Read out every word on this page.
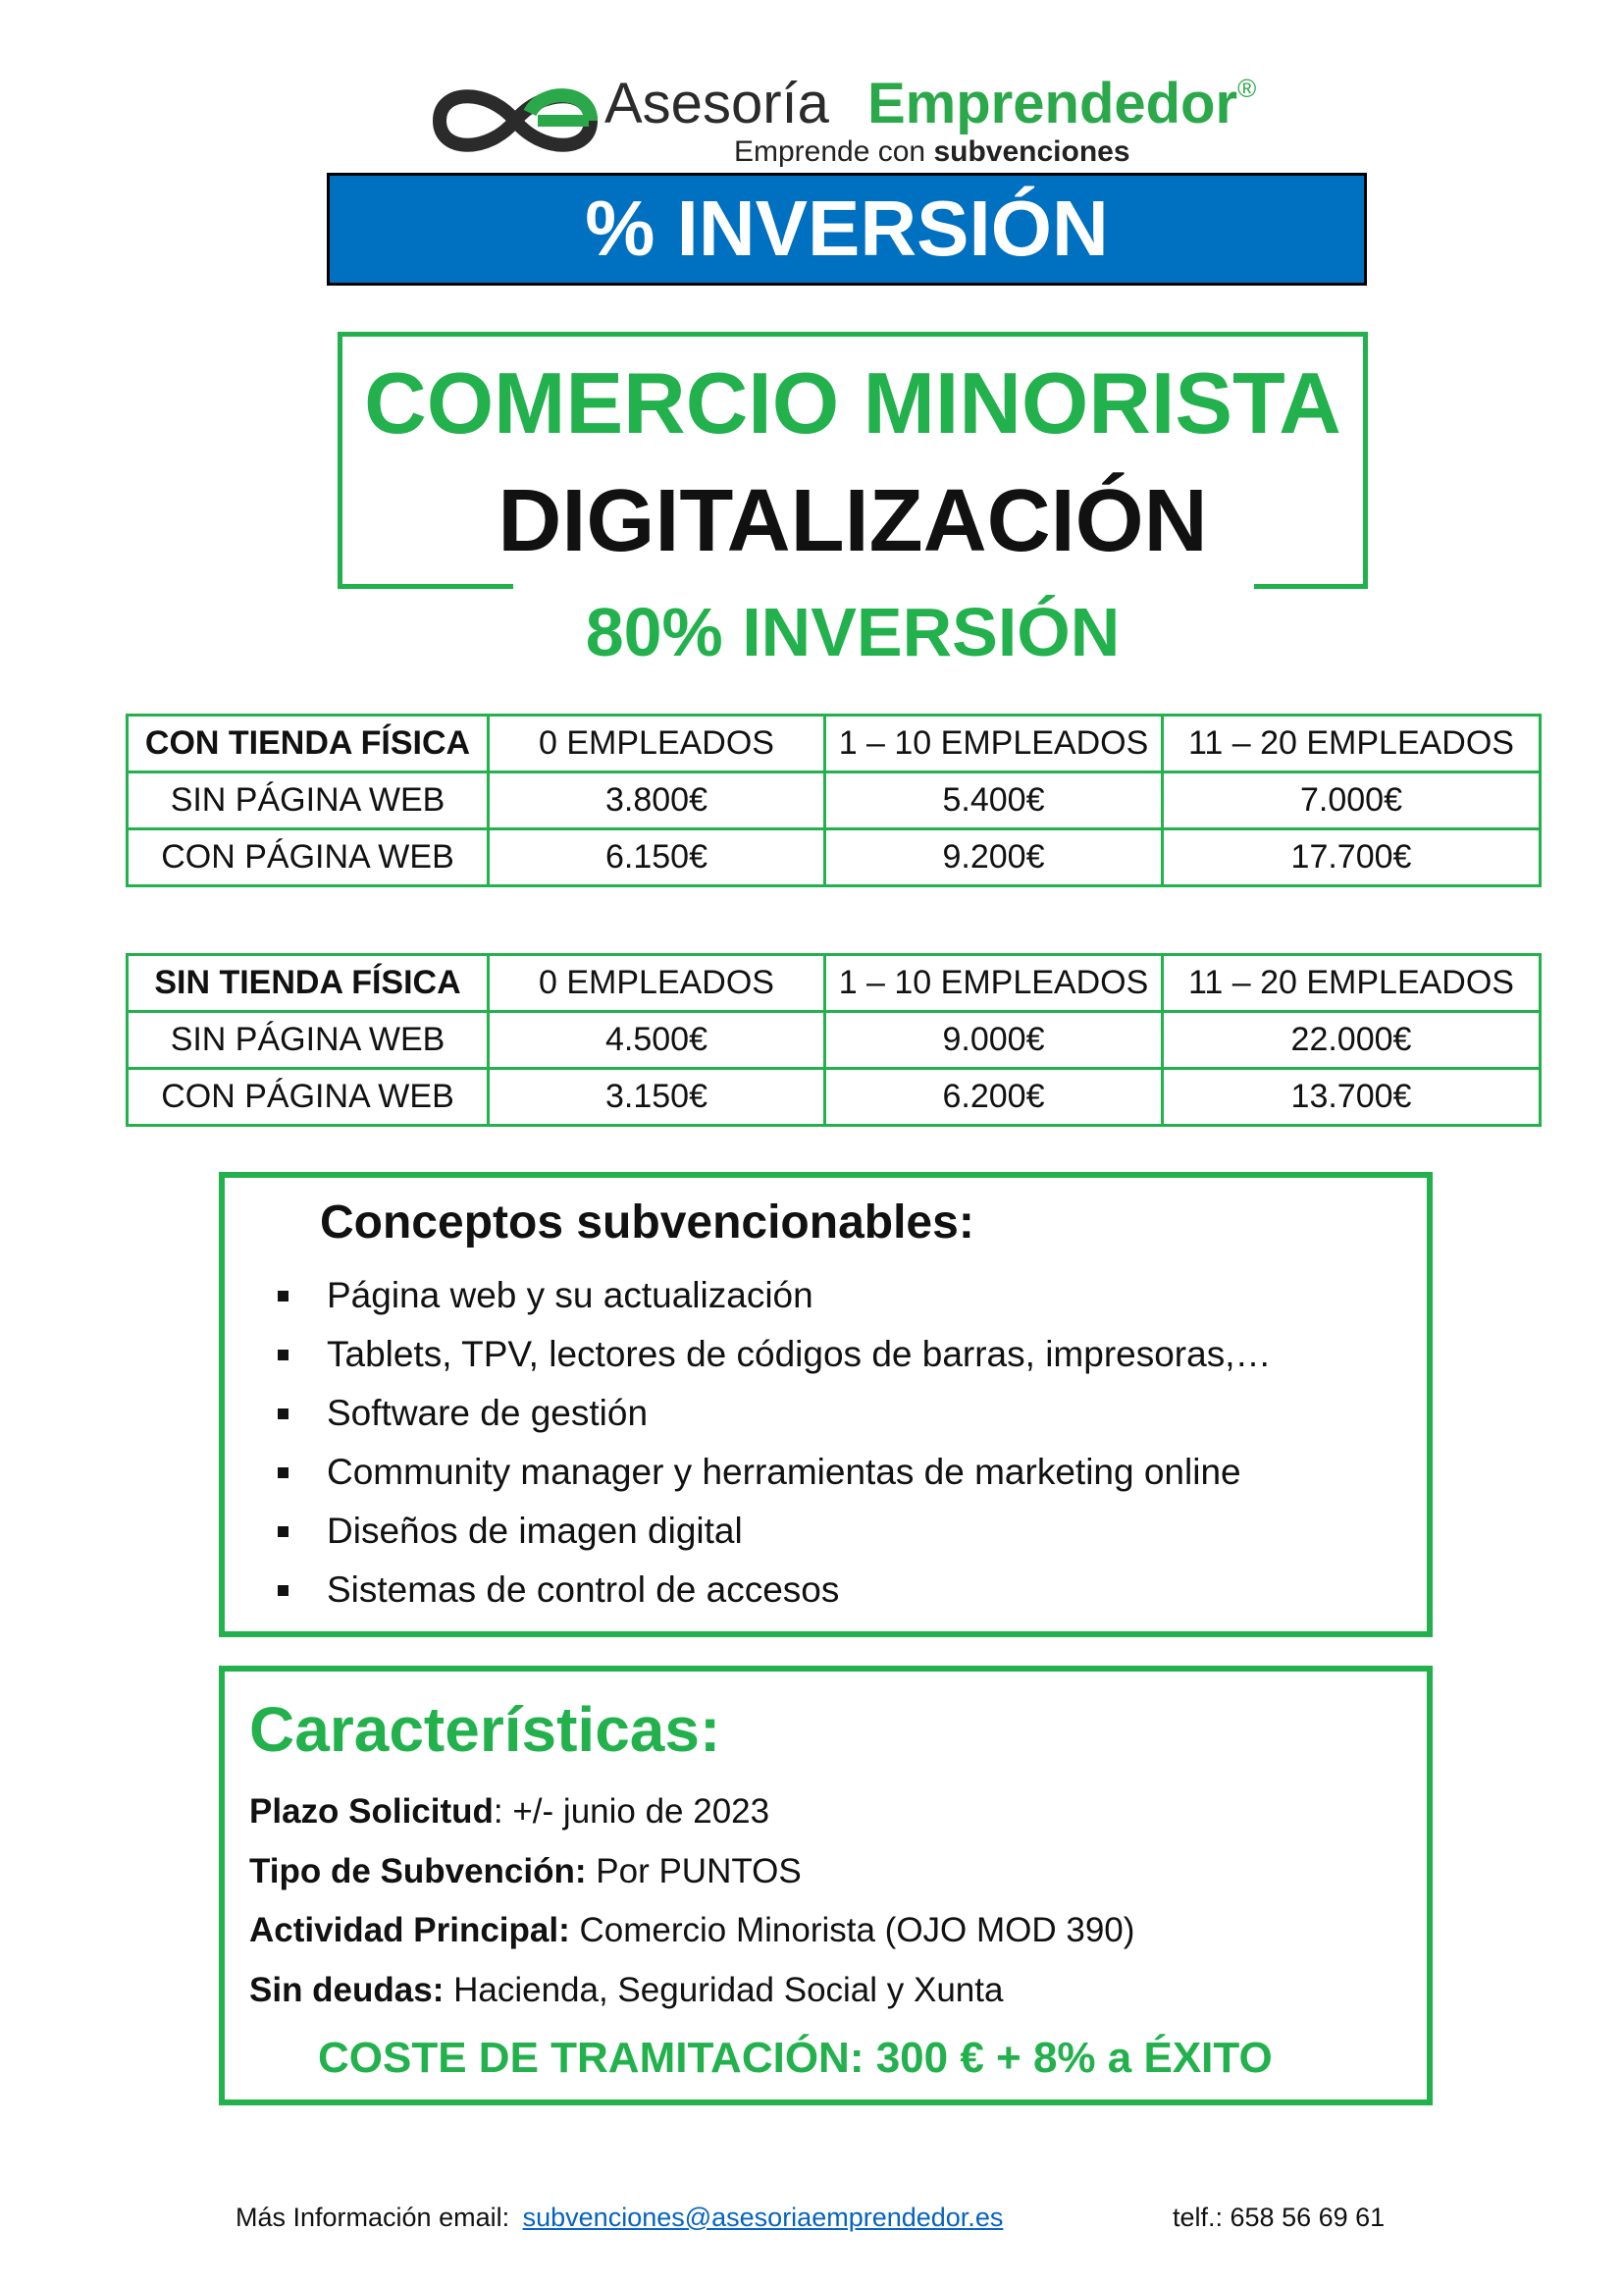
Asesoría Emprendedor®
Emprende con subvenciones
% INVERSIÓN
COMERCIO MINORISTA
DIGITALIZACIÓN
80% INVERSIÓN
CON TIENDA FÍSICA	0 EMPLEADOS	1 – 10 EMPLEADOS	11 – 20 EMPLEADOS
SIN PÁGINA WEB	3.800€	5.400€	7.000€
CON PÁGINA WEB	6.150€	9.200€	17.700€
SIN TIENDA FÍSICA	0 EMPLEADOS	1 – 10 EMPLEADOS	11 – 20 EMPLEADOS
SIN PÁGINA WEB	4.500€	9.000€	22.000€
CON PÁGINA WEB	3.150€	6.200€	13.700€
Conceptos subvencionables:
Página web y su actualización
Tablets, TPV, lectores de códigos de barras, impresoras,…
Software de gestión
Community manager y herramientas de marketing online
Diseños de imagen digital
Sistemas de control de accesos
Características:
Plazo Solicitud: +/- junio de 2023
Tipo de Subvención: Por PUNTOS
Actividad Principal: Comercio Minorista (OJO MOD 390)
Sin deudas: Hacienda, Seguridad Social y Xunta
COSTE DE TRAMITACIÓN: 300 € + 8% a ÉXITO
Más Información email: subvenciones@asesoriaemprendedor.es	telf.: 658 56 69 61
